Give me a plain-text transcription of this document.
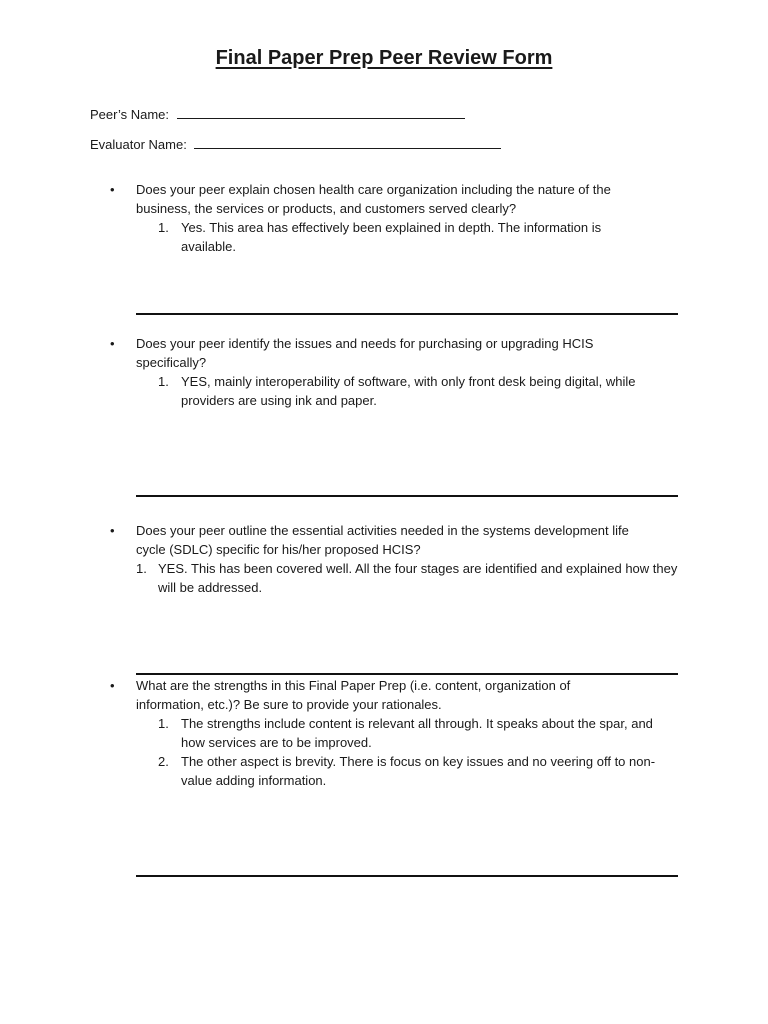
Final Paper Prep Peer Review Form
Peer’s Name:
Evaluator Name:
• Does your peer explain chosen health care organization including the nature of the business, the services or products, and customers served clearly?
1. Yes. This area has effectively been explained in depth. The information is available.
• Does your peer identify the issues and needs for purchasing or upgrading HCIS specifically?
1. YES, mainly interoperability of software, with only front desk being digital, while providers are using ink and paper.
• Does your peer outline the essential activities needed in the systems development life cycle (SDLC) specific for his/her proposed HCIS?
1. YES. This has been covered well. All the four stages are identified and explained how they will be addressed.
• What are the strengths in this Final Paper Prep (i.e. content, organization of information, etc.)? Be sure to provide your rationales.
1. The strengths include content is relevant all through. It speaks about the spar, and how services are to be improved.
2. The other aspect is brevity. There is focus on key issues and no veering off to non-value adding information.
